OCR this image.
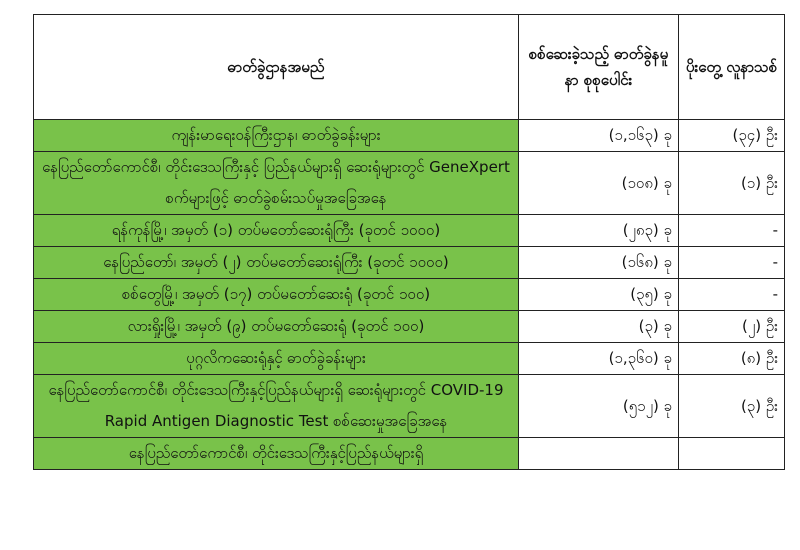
ဓာတ်ခွဲဌာနအမည်	စစ်ဆေးခဲ့သည့် ဓာတ်ခွဲနမူနာ စုစုပေါင်း	ပိုးတွေ့ လူနာသစ်
ကျန်းမာရေးဝန်ကြီးဌာန၊ ဓာတ်ခွဲခန်းများ	(၁,၁၆၃) ခု	(၃၄) ဦး
နေပြည်တော်ကောင်စီ၊ တိုင်းဒေသကြီးနှင့် ပြည်နယ်များရှိ ဆေးရုံများတွင် GeneXpert စက်များဖြင့် ဓာတ်ခွဲစမ်းသပ်မှုအခြေအနေ	(၁၀၈) ခု	(၁) ဦး
ရန်ကုန်မြို့၊ အမှတ် (၁) တပ်မတော်ဆေးရုံကြီး (ခုတင် ၁၀၀၀)	(၂၈၃) ခု	-
နေပြည်တော်၊ အမှတ် (၂) တပ်မတော်ဆေးရုံကြီး (ခုတင် ၁၀၀၀)	(၁၆၈) ခု	-
စစ်တွေမြို့၊ အမှတ် (၁၇) တပ်မတော်ဆေးရုံ (ခုတင် ၁၀၀)	(၃၅) ခု	-
လားရှိုးမြို့၊ အမှတ် (၉) တပ်မတော်ဆေးရုံ (ခုတင် ၁၀၀)	(၃) ခု	(၂) ဦး
ပုဂ္ဂလိကဆေးရုံနှင့် ဓာတ်ခွဲခန်းများ	(၁,၃၆၀) ခု	(၈) ဦး
နေပြည်တော်ကောင်စီ၊ တိုင်းဒေသကြီးနှင့်ပြည်နယ်များရှိ ဆေးရုံများတွင် COVID-19 Rapid Antigen Diagnostic Test စစ်ဆေးမှုအခြေအနေ	(၅၁၂) ခု	(၃) ဦး
နေပြည်တော်ကောင်စီ၊ တိုင်းဒေသကြီးနှင့်ပြည်နယ်များရှိ		
